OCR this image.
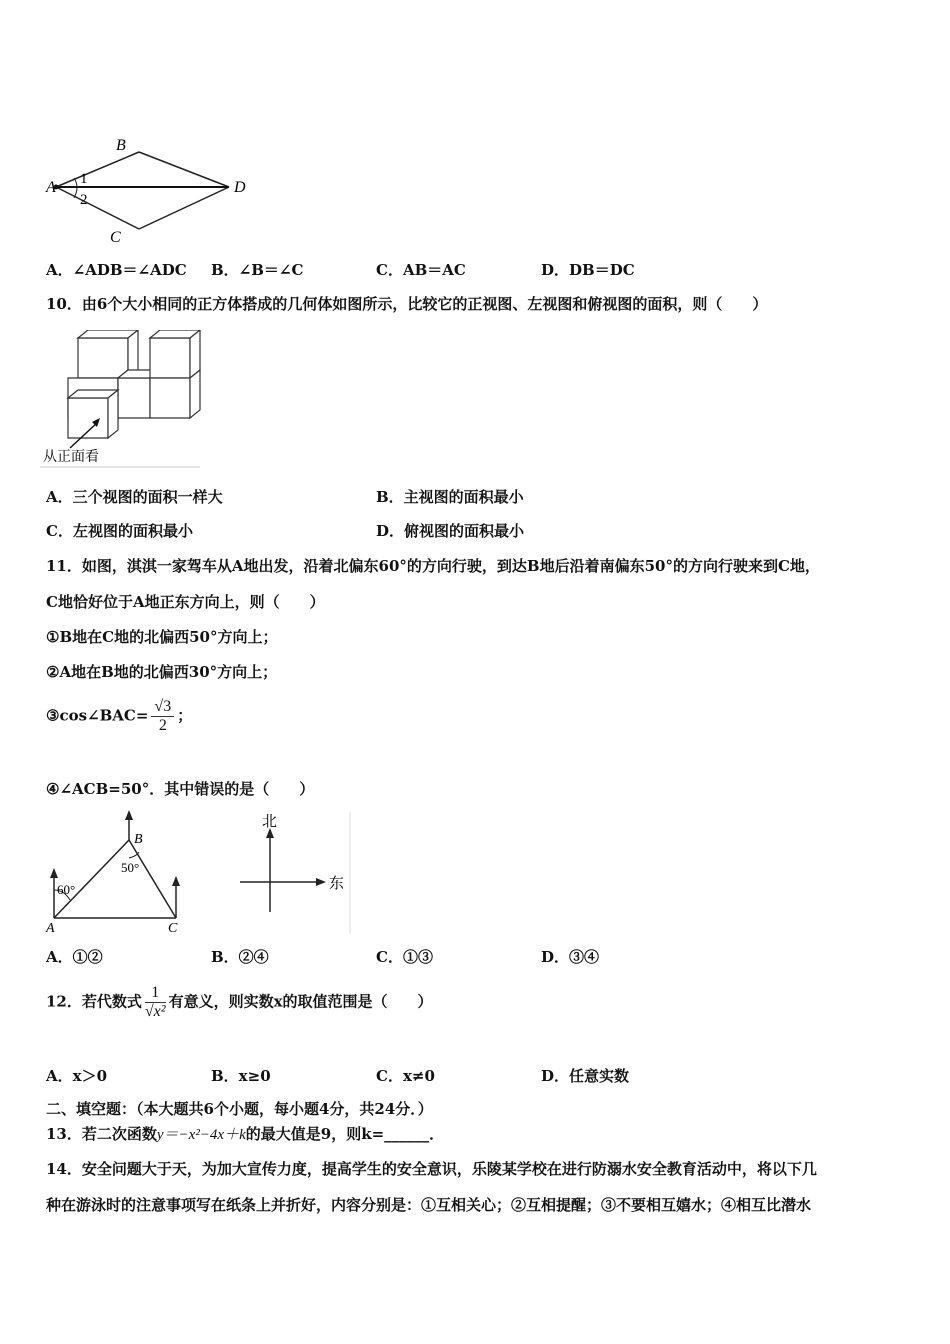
A
B
C
D
1
2
A．∠ADB＝∠ADC B．∠B＝∠C	C．AB＝AC	D．DB＝DC
10．由6个大小相同的正方体搭成的几何体如图所示，比较它的正视图、左视图和俯视图的面积，则（　　）
从正面看
A．三个视图的面积一样大	B．主视图的面积最小
C．左视图的面积最小	D．俯视图的面积最小
11．如图，淇淇一家驾车从A地出发，沿着北偏东60°的方向行驶，到达B地后沿着南偏东50°的方向行驶来到C地，
C地恰好位于A地正东方向上，则（　　）
①B地在C地的北偏西50°方向上；
②A地在B地的北偏西30°方向上；
③cos∠BAC= $\frac{√3}{2}$ ；
④∠ACB=50°．其中错误的是（　　）
60°
50°
A
B
C
北
东
A．①②	B．②④	C．①③	D．③④
12．若代数式 $\frac{1}{\text{√x²}}$ 有意义，则实数x的取值范围是（　　）
A．x＞0	B．x≥0	C．x≠0	D．任意实数
二、填空题：（本大题共6个小题，每小题4分，共24分．）
13．若二次函数y＝−x²−4x＋k的最大值是9，则k=______．
14．安全问题大于天，为加大宣传力度，提高学生的安全意识，乐陵某学校在进行防溺水安全教育活动中，将以下几
种在游泳时的注意事项写在纸条上并折好，内容分别是：①互相关心；②互相提醒；③不要相互嬉水；④相互比潜水
